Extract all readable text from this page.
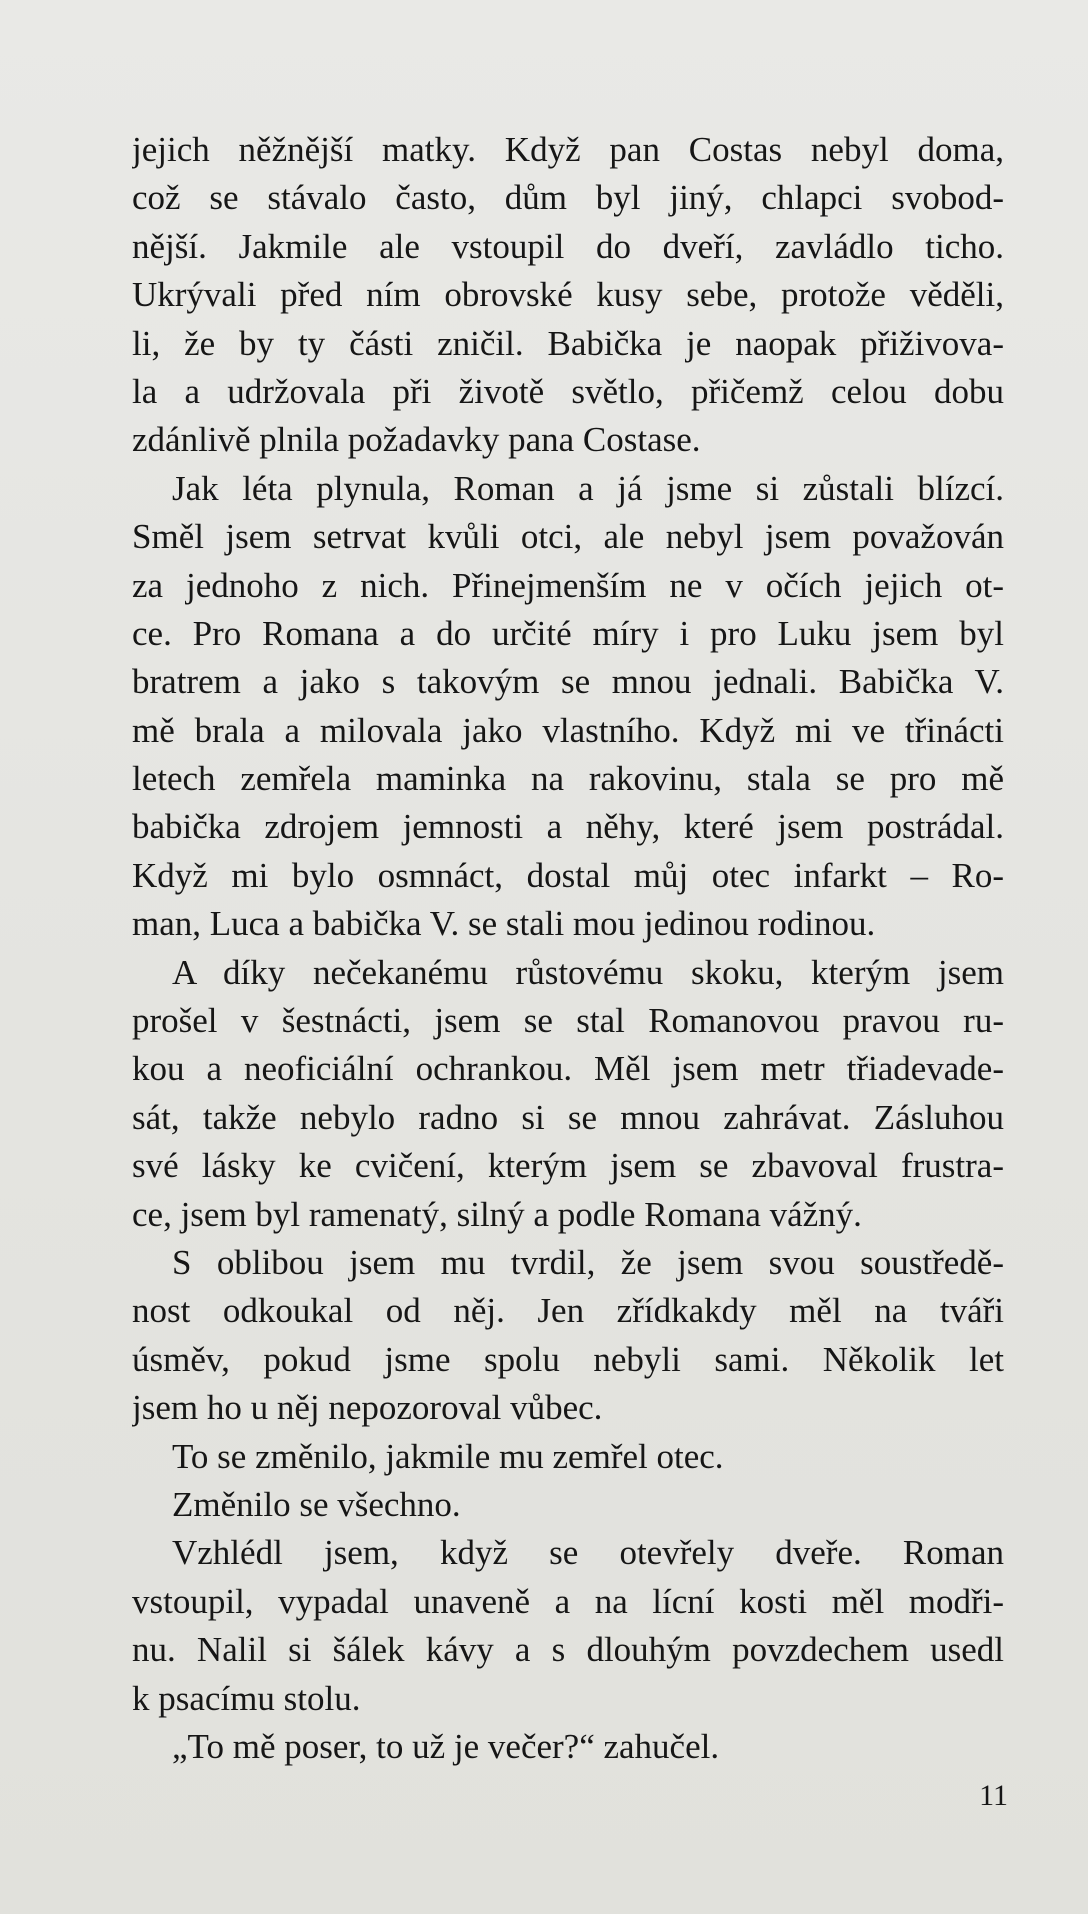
jejich něžnější matky. Když pan Costas nebyl doma,
což se stávalo často, dům byl jiný, chlapci svobod-
nější. Jakmile ale vstoupil do dveří, zavládlo ticho.
Ukrývali před ním obrovské kusy sebe, protože věděli,
li, že by ty části zničil. Babička je naopak přiživova-
la a udržovala při životě světlo, přičemž celou dobu
zdánlivě plnila požadavky pana Costase.
Jak léta plynula, Roman a já jsme si zůstali blízcí.
Směl jsem setrvat kvůli otci, ale nebyl jsem považován
za jednoho z nich. Přinejmenším ne v očích jejich ot-
ce. Pro Romana a do určité míry i pro Luku jsem byl
bratrem a jako s takovým se mnou jednali. Babička V.
mě brala a milovala jako vlastního. Když mi ve třinácti
letech zemřela maminka na rakovinu, stala se pro mě
babička zdrojem jemnosti a něhy, které jsem postrádal.
Když mi bylo osmnáct, dostal můj otec infarkt – Ro-
man, Luca a babička V. se stali mou jedinou rodinou.
A díky nečekanému růstovému skoku, kterým jsem
prošel v šestnácti, jsem se stal Romanovou pravou ru-
kou a neoficiální ochrankou. Měl jsem metr třiadevade-
sát, takže nebylo radno si se mnou zahrávat. Zásluhou
své lásky ke cvičení, kterým jsem se zbavoval frustra-
ce, jsem byl ramenatý, silný a podle Romana vážný.
S oblibou jsem mu tvrdil, že jsem svou soustředě-
nost odkoukal od něj. Jen zřídkakdy měl na tváři
úsměv, pokud jsme spolu nebyli sami. Několik let
jsem ho u něj nepozoroval vůbec.
To se změnilo, jakmile mu zemřel otec.
Změnilo se všechno.
Vzhlédl jsem, když se otevřely dveře. Roman
vstoupil, vypadal unaveně a na lícní kosti měl modři-
nu. Nalil si šálek kávy a s dlouhým povzdechem usedl
k psacímu stolu.
„To mě poser, to už je večer?“ zahučel.
11
